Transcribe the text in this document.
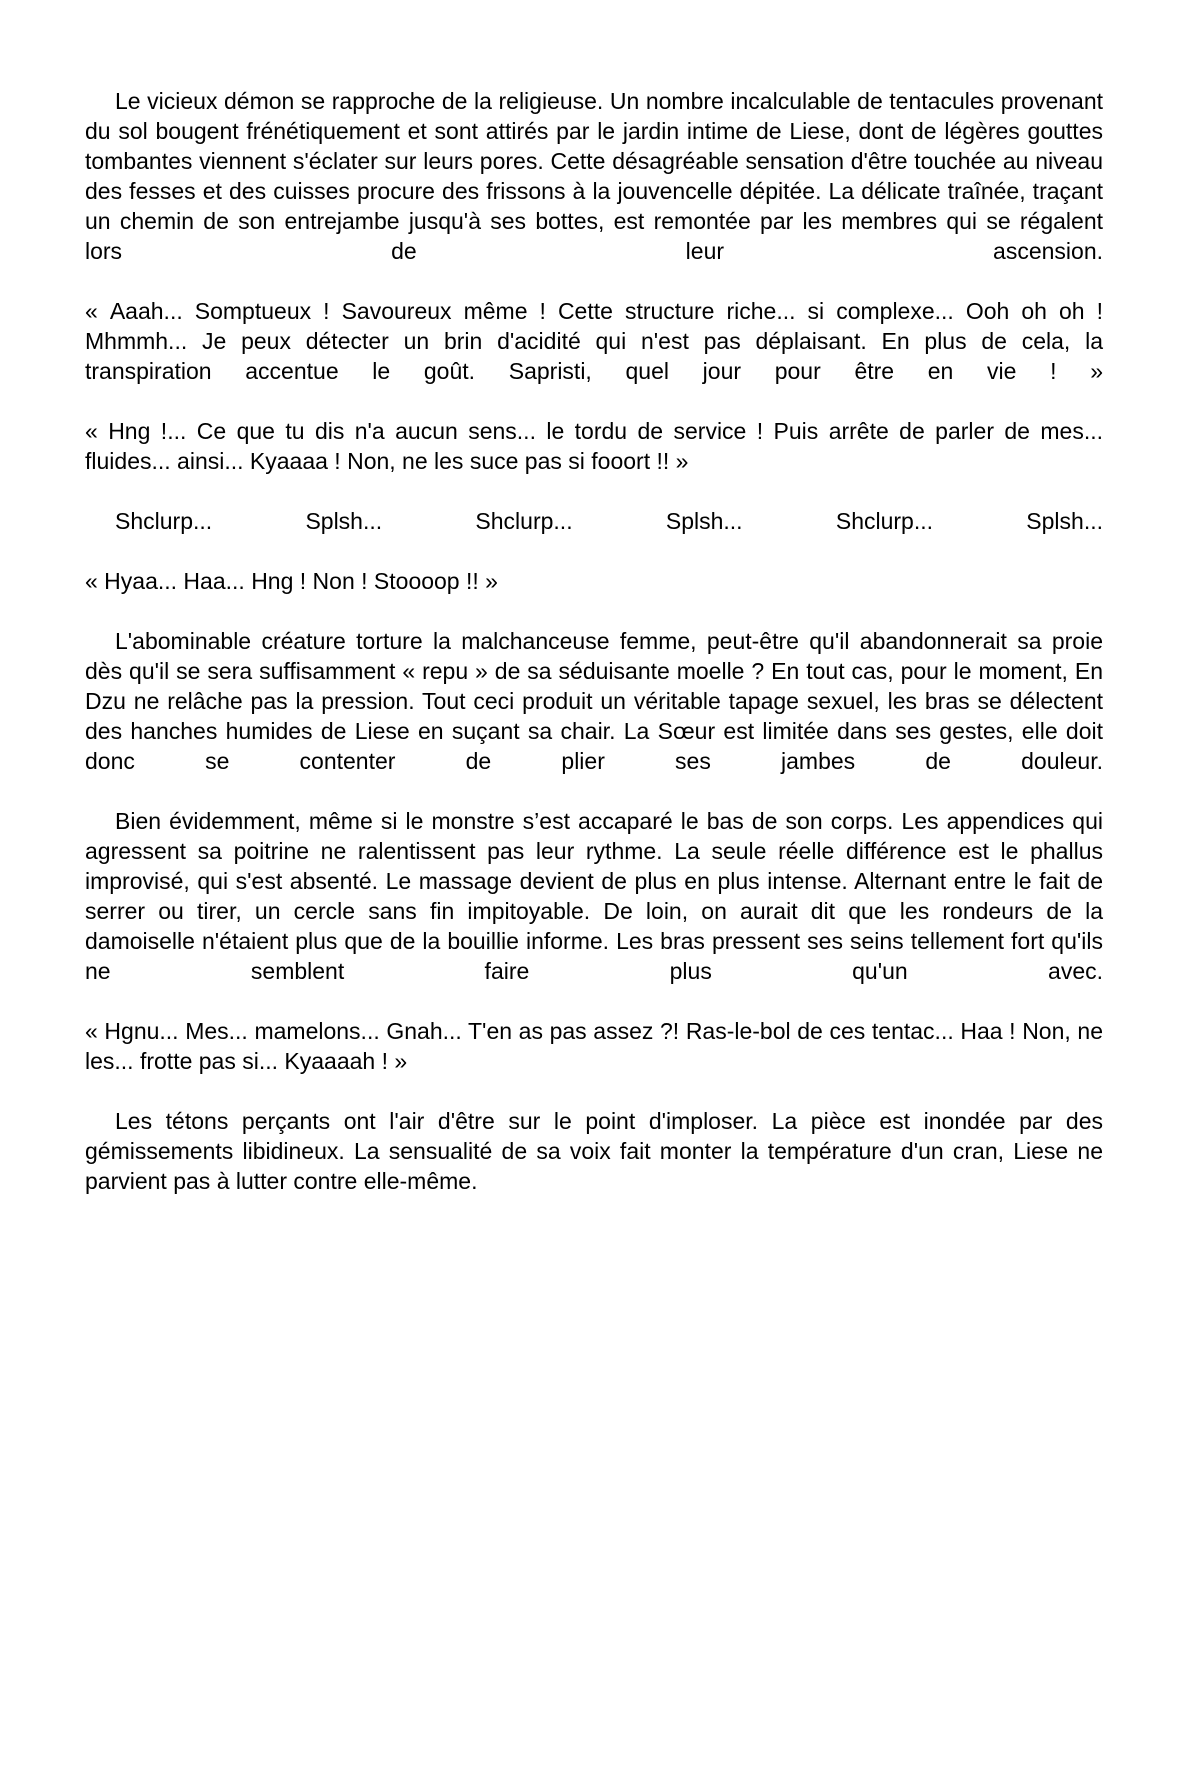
Le vicieux démon se rapproche de la religieuse. Un nombre incalculable de tentacules provenant du sol bougent frénétiquement et sont attirés par le jardin intime de Liese, dont de légères gouttes tombantes viennent s'éclater sur leurs pores. Cette désagréable sensation d'être touchée au niveau des fesses et des cuisses procure des frissons à la jouvencelle dépitée. La délicate traînée, traçant un chemin de son entrejambe jusqu'à ses bottes, est remontée par les membres qui se régalent lors de leur ascension.

« Aaah... Somptueux ! Savoureux même ! Cette structure riche... si complexe... Ooh oh oh ! Mhmmh... Je peux détecter un brin d'acidité qui n'est pas déplaisant. En plus de cela, la transpiration accentue le goût. Sapristi, quel jour pour être en vie ! »

« Hng !... Ce que tu dis n'a aucun sens... le tordu de service ! Puis arrête de parler de mes... fluides... ainsi... Kyaaaa ! Non, ne les suce pas si fooort !! »

Shclurp... Splsh... Shclurp... Splsh... Shclurp... Splsh...

« Hyaa... Haa... Hng ! Non ! Stoooop !! »

L'abominable créature torture la malchanceuse femme, peut-être qu'il abandonnerait sa proie dès qu'il se sera suffisamment « repu » de sa séduisante moelle ? En tout cas, pour le moment, En Dzu ne relâche pas la pression. Tout ceci produit un véritable tapage sexuel, les bras se délectent des hanches humides de Liese en suçant sa chair. La Sœur est limitée dans ses gestes, elle doit donc se contenter de plier ses jambes de douleur.

Bien évidemment, même si le monstre s’est accaparé le bas de son corps. Les appendices qui agressent sa poitrine ne ralentissent pas leur rythme. La seule réelle différence est le phallus improvisé, qui s'est absenté. Le massage devient de plus en plus intense. Alternant entre le fait de serrer ou tirer, un cercle sans fin impitoyable. De loin, on aurait dit que les rondeurs de la damoiselle n'étaient plus que de la bouillie informe. Les bras pressent ses seins tellement fort qu'ils ne semblent faire plus qu'un avec.

« Hgnu... Mes... mamelons... Gnah... T'en as pas assez ?! Ras-le-bol de ces tentac... Haa ! Non, ne les... frotte pas si... Kyaaaah ! »

Les tétons perçants ont l'air d'être sur le point d'imploser. La pièce est inondée par des gémissements libidineux. La sensualité de sa voix fait monter la température d'un cran, Liese ne parvient pas à lutter contre elle-même.
